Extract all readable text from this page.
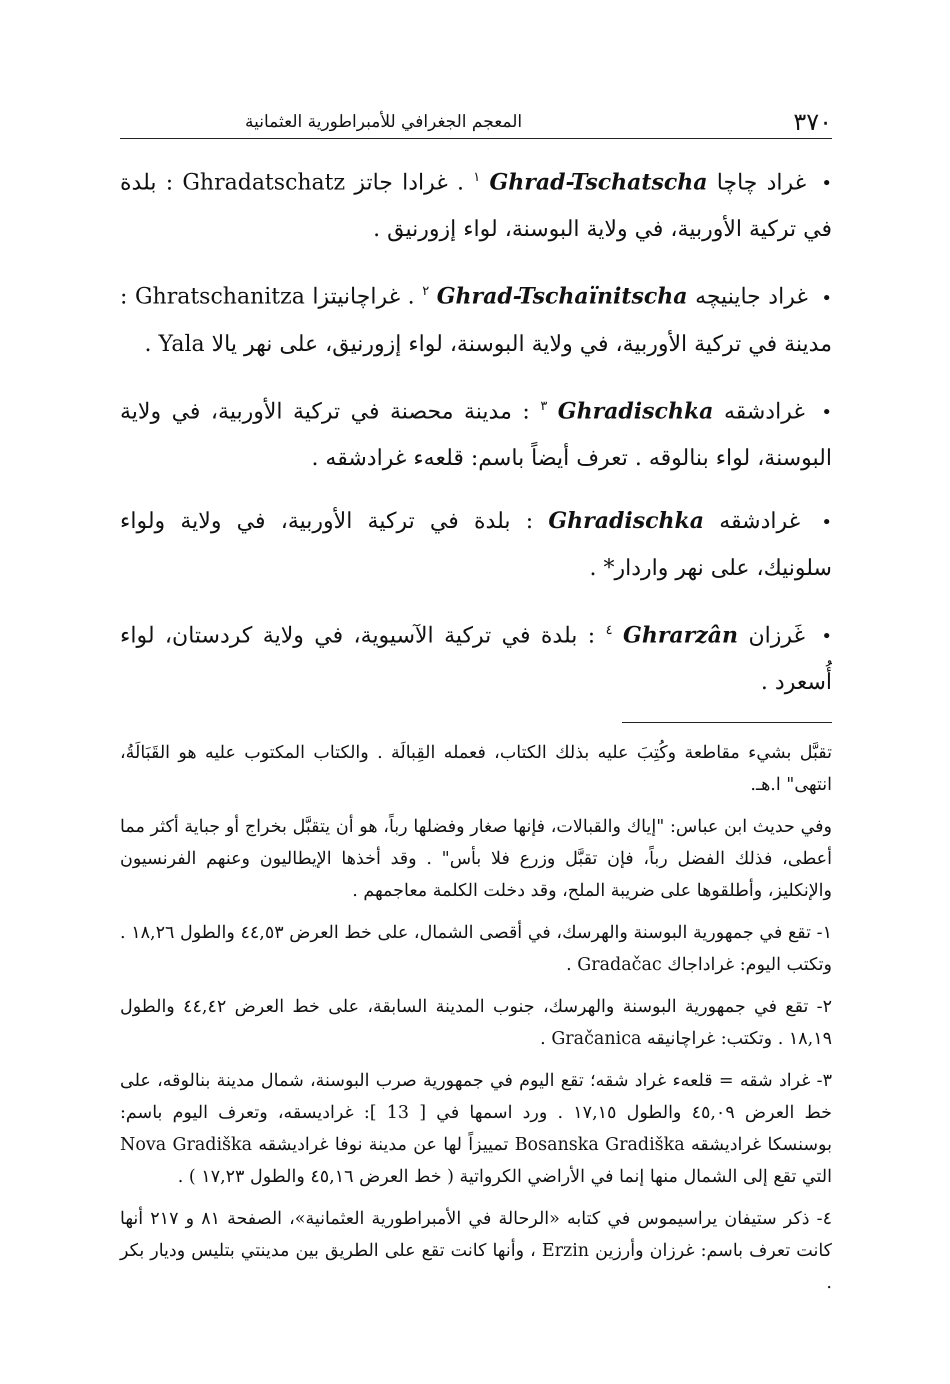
٣٧٠
المعجم الجغرافي للأمبراطورية العثمانية

• غراد چاچا Ghrad-Tschatscha $^١$ . غرادا جاتز Ghradatschatz : بلدة في تركية الأوربية، في ولاية البوسنة، لواء إزورنيق .

• غراد جاينيچه Ghrad-Tschaïnitscha $^٢$ . غراچانيتزا Ghratschanitza : مدينة في تركية الأوربية، في ولاية البوسنة، لواء إزورنيق، على نهر يالا Yala .

• غرادشقه Ghradischka $^٣$ : مدينة محصنة في تركية الأوربية، في ولاية البوسنة، لواء بنالوقه . تعرف أيضاً باسم: قلعهء غرادشقه .

• غرادشقه Ghradischka : بلدة في تركية الأوربية، في ولاية ولواء سلونيك، على نهر واردار* .

• غَرزان Ghrarzân $^٤$ : بلدة في تركية الآسيوية، في ولاية كردستان، لواء أُسعرد .

تقبَّل بشيء مقاطعة وكُتِبَ عليه بذلك الكتاب، فعمله القِبالَة . والكتاب المكتوب عليه هو القَبَالَةُ، انتهى" ا.هـ.

وفي حديث ابن عباس: "إياك والقبالات، فإنها صغار وفضلها رباً، هو أن يتقبَّل بخراج أو جباية أكثر مما أعطى، فذلك الفضل رباً، فإن تقبَّل وزرع فلا بأس" . وقد أخذها الإيطاليون وعنهم الفرنسيون والإنكليز، وأطلقوها على ضريبة الملح، وقد دخلت الكلمة معاجمهم .

١- تقع في جمهورية البوسنة والهرسك، في أقصى الشمال، على خط العرض ٤٤,٥٣ والطول ١٨,٢٦ . وتكتب اليوم: غراداجاك Gradačac .

٢- تقع في جمهورية البوسنة والهرسك، جنوب المدينة السابقة، على خط العرض ٤٤,٤٢ والطول ١٨,١٩ . وتكتب: غراچانيقه Gračanica .

٣- غراد شقه = قلعهء غراد شقه؛ تقع اليوم في جمهورية صرب البوسنة، شمال مدينة بنالوقه، على خط العرض ٤٥,٠٩ والطول ١٧,١٥ . ورد اسمها في [ 13 ]: غراديسقه، وتعرف اليوم باسم: بوسنسكا غراديشقه Bosanska Gradiška تمييزاً لها عن مدينة نوفا غراديشقه Nova Gradiška التي تقع إلى الشمال منها إنما في الأراضي الكرواتية ( خط العرض ٤٥,١٦ والطول ١٧,٢٣ ) .

٤- ذكر ستيفان يراسيموس في كتابه «الرحالة في الأمبراطورية العثمانية»، الصفحة ٨١ و ٢١٧ أنها كانت تعرف باسم: غرزان وأرزين Erzin ، وأنها كانت تقع على الطريق بين مدينتي بتليس وديار بكر .
